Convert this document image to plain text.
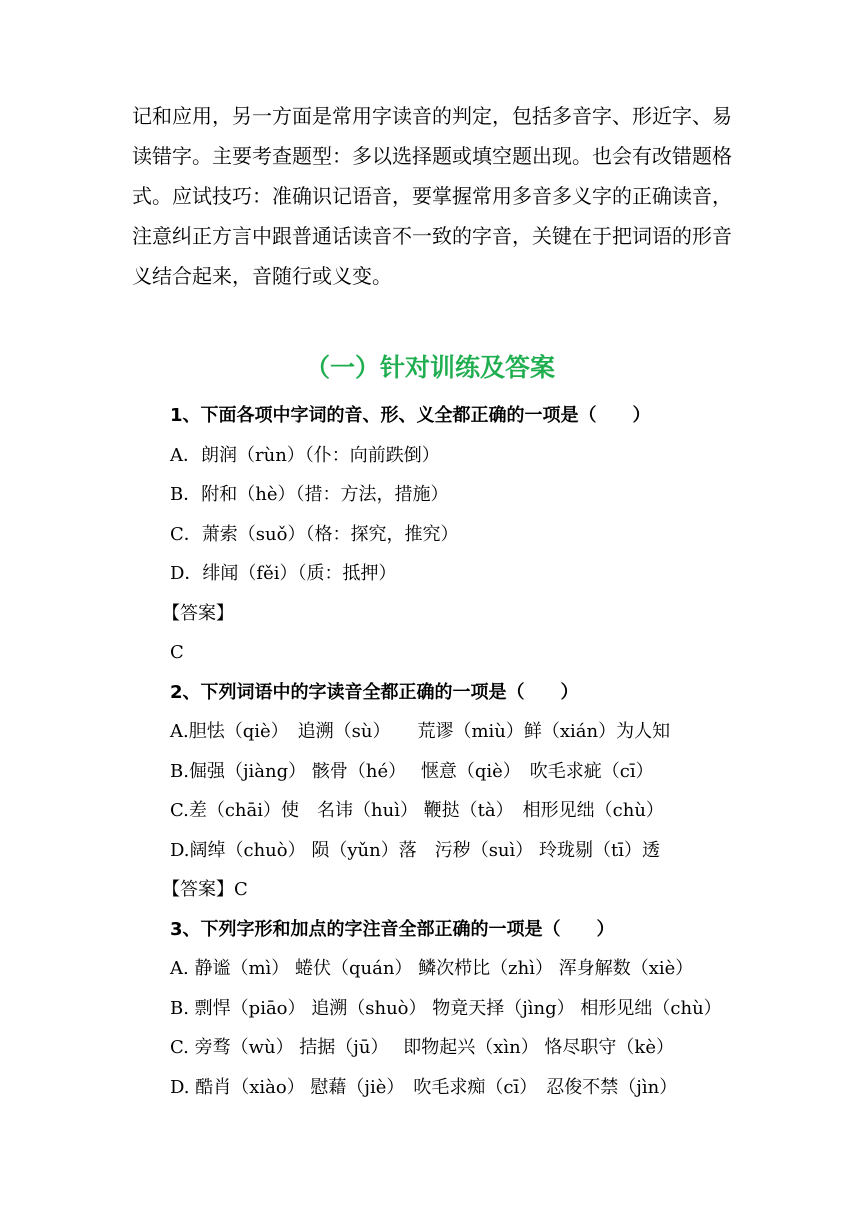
记和应用，另一方面是常用字读音的判定，包括多音字、形近字、易

读错字。主要考查题型：多以选择题或填空题出现。也会有改错题格

式。应试技巧：准确识记语音，要掌握常用多音多义字的正确读音，

注意纠正方言中跟普通话读音不一致的字音，关键在于把词语的形音

义结合起来，音随行或义变。

（一）针对训练及答案
1、下面各项中字词的音、形、义全都正确的一项是（　　）
A．朗润（rùn）（仆：向前跌倒）
B．附和（hè）（措：方法，措施）
C．萧索（suǒ）（格：探究，推究）
D．绯闻（fěi）（质：抵押）
【答案】
C
2、下列词语中的字读音全都正确的一项是（　　）
A.胆怯（qiè）　追溯（sù）　　荒谬（miù）鲜（xián）为人知
B.倔强（jiàng） 骸骨（hé）　 惬意（qiè）　吹毛求疵（cī）
C.差（chāi）使　名讳（huì） 鞭挞（tà）　相形见绌（chù）
D.阔绰（chuò） 陨（yǔn）落　污秽（suì） 玲珑剔（tī）透
【答案】C
3、下列字形和加点的字注音全部正确的一项是（　　）
A. 静谧（mì） 蜷伏（quán） 鳞次栉比（zhì） 浑身解数（xiè）
B. 剽悍（piāo） 追溯（shuò） 物竟天择（jìng） 相形见绌（chù）
C. 旁骛（wù） 拮据（jū）　 即物起兴（xìn） 恪尽职守（kè）
D. 酷肖（xiào） 慰藉（jiè）　吹毛求痴（cī）　忍俊不禁（jìn）
